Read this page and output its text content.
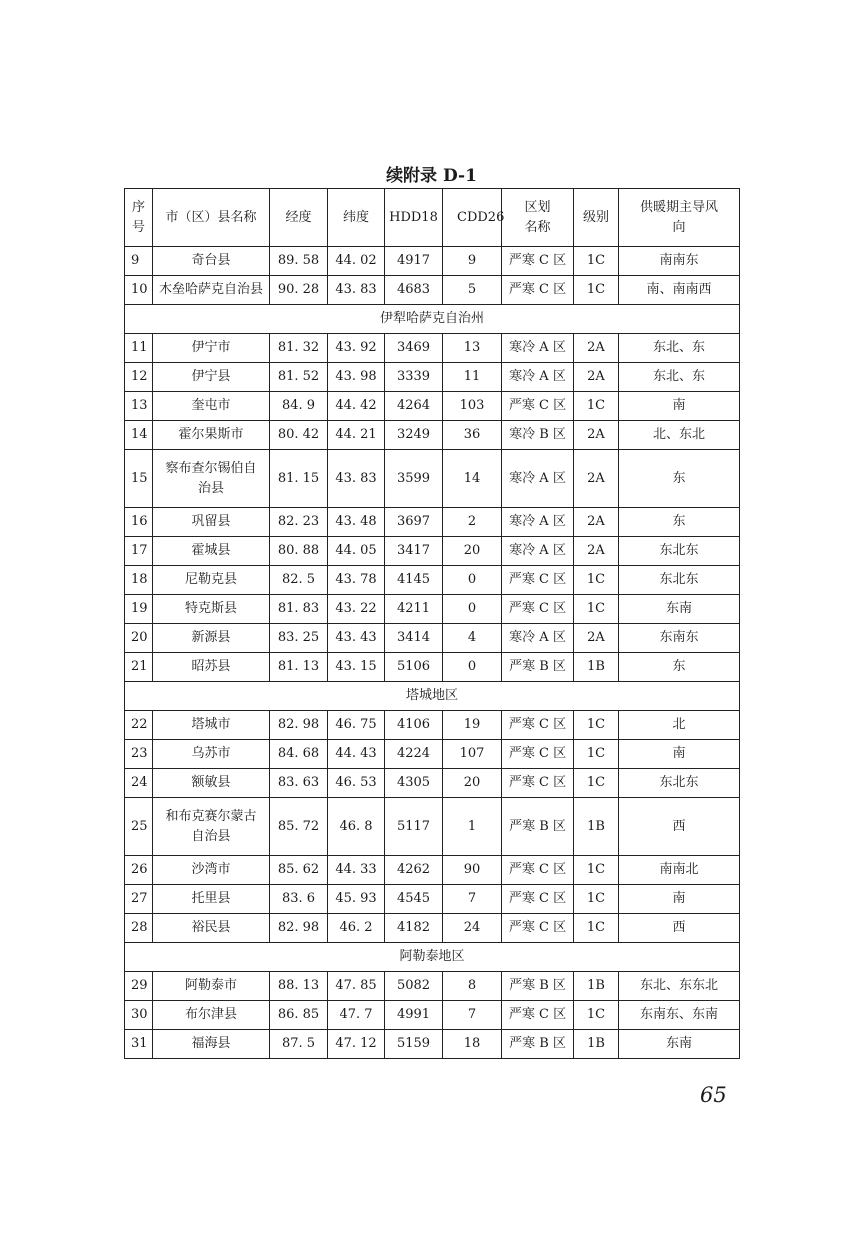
续附录 D-1
序号	市（区）县名称	经度	纬度	HDD18	CDD26	区划名称	级别	供暖期主导风向
9	奇台县	89. 58	44. 02	4917	9	严寒 C 区	1C	南南东
10	木垒哈萨克自治县	90. 28	43. 83	4683	5	严寒 C 区	1C	南、南南西
伊犁哈萨克自治州								
11	伊宁市	81. 32	43. 92	3469	13	寒冷 A 区	2A	东北、东
12	伊宁县	81. 52	43. 98	3339	11	寒冷 A 区	2A	东北、东
13	奎屯市	84. 9	44. 42	4264	103	严寒 C 区	1C	南
14	霍尔果斯市	80. 42	44. 21	3249	36	寒冷 B 区	2A	北、东北
15	察布查尔锡伯自治县	81. 15	43. 83	3599	14	寒冷 A 区	2A	东
16	巩留县	82. 23	43. 48	3697	2	寒冷 A 区	2A	东
17	霍城县	80. 88	44. 05	3417	20	寒冷 A 区	2A	东北东
18	尼勒克县	82. 5	43. 78	4145	0	严寒 C 区	1C	东北东
19	特克斯县	81. 83	43. 22	4211	0	严寒 C 区	1C	东南
20	新源县	83. 25	43. 43	3414	4	寒冷 A 区	2A	东南东
21	昭苏县	81. 13	43. 15	5106	0	严寒 B 区	1B	东
塔城地区								
22	塔城市	82. 98	46. 75	4106	19	严寒 C 区	1C	北
23	乌苏市	84. 68	44. 43	4224	107	严寒 C 区	1C	南
24	额敏县	83. 63	46. 53	4305	20	严寒 C 区	1C	东北东
25	和布克赛尔蒙古自治县	85. 72	46. 8	5117	1	严寒 B 区	1B	西
26	沙湾市	85. 62	44. 33	4262	90	严寒 C 区	1C	南南北
27	托里县	83. 6	45. 93	4545	7	严寒 C 区	1C	南
28	裕民县	82. 98	46. 2	4182	24	严寒 C 区	1C	西
阿勒泰地区								
29	阿勒泰市	88. 13	47. 85	5082	8	严寒 B 区	1B	东北、东东北
30	布尔津县	86. 85	47. 7	4991	7	严寒 C 区	1C	东南东、东南
31	福海县	87. 5	47. 12	5159	18	严寒 B 区	1B	东南
65
